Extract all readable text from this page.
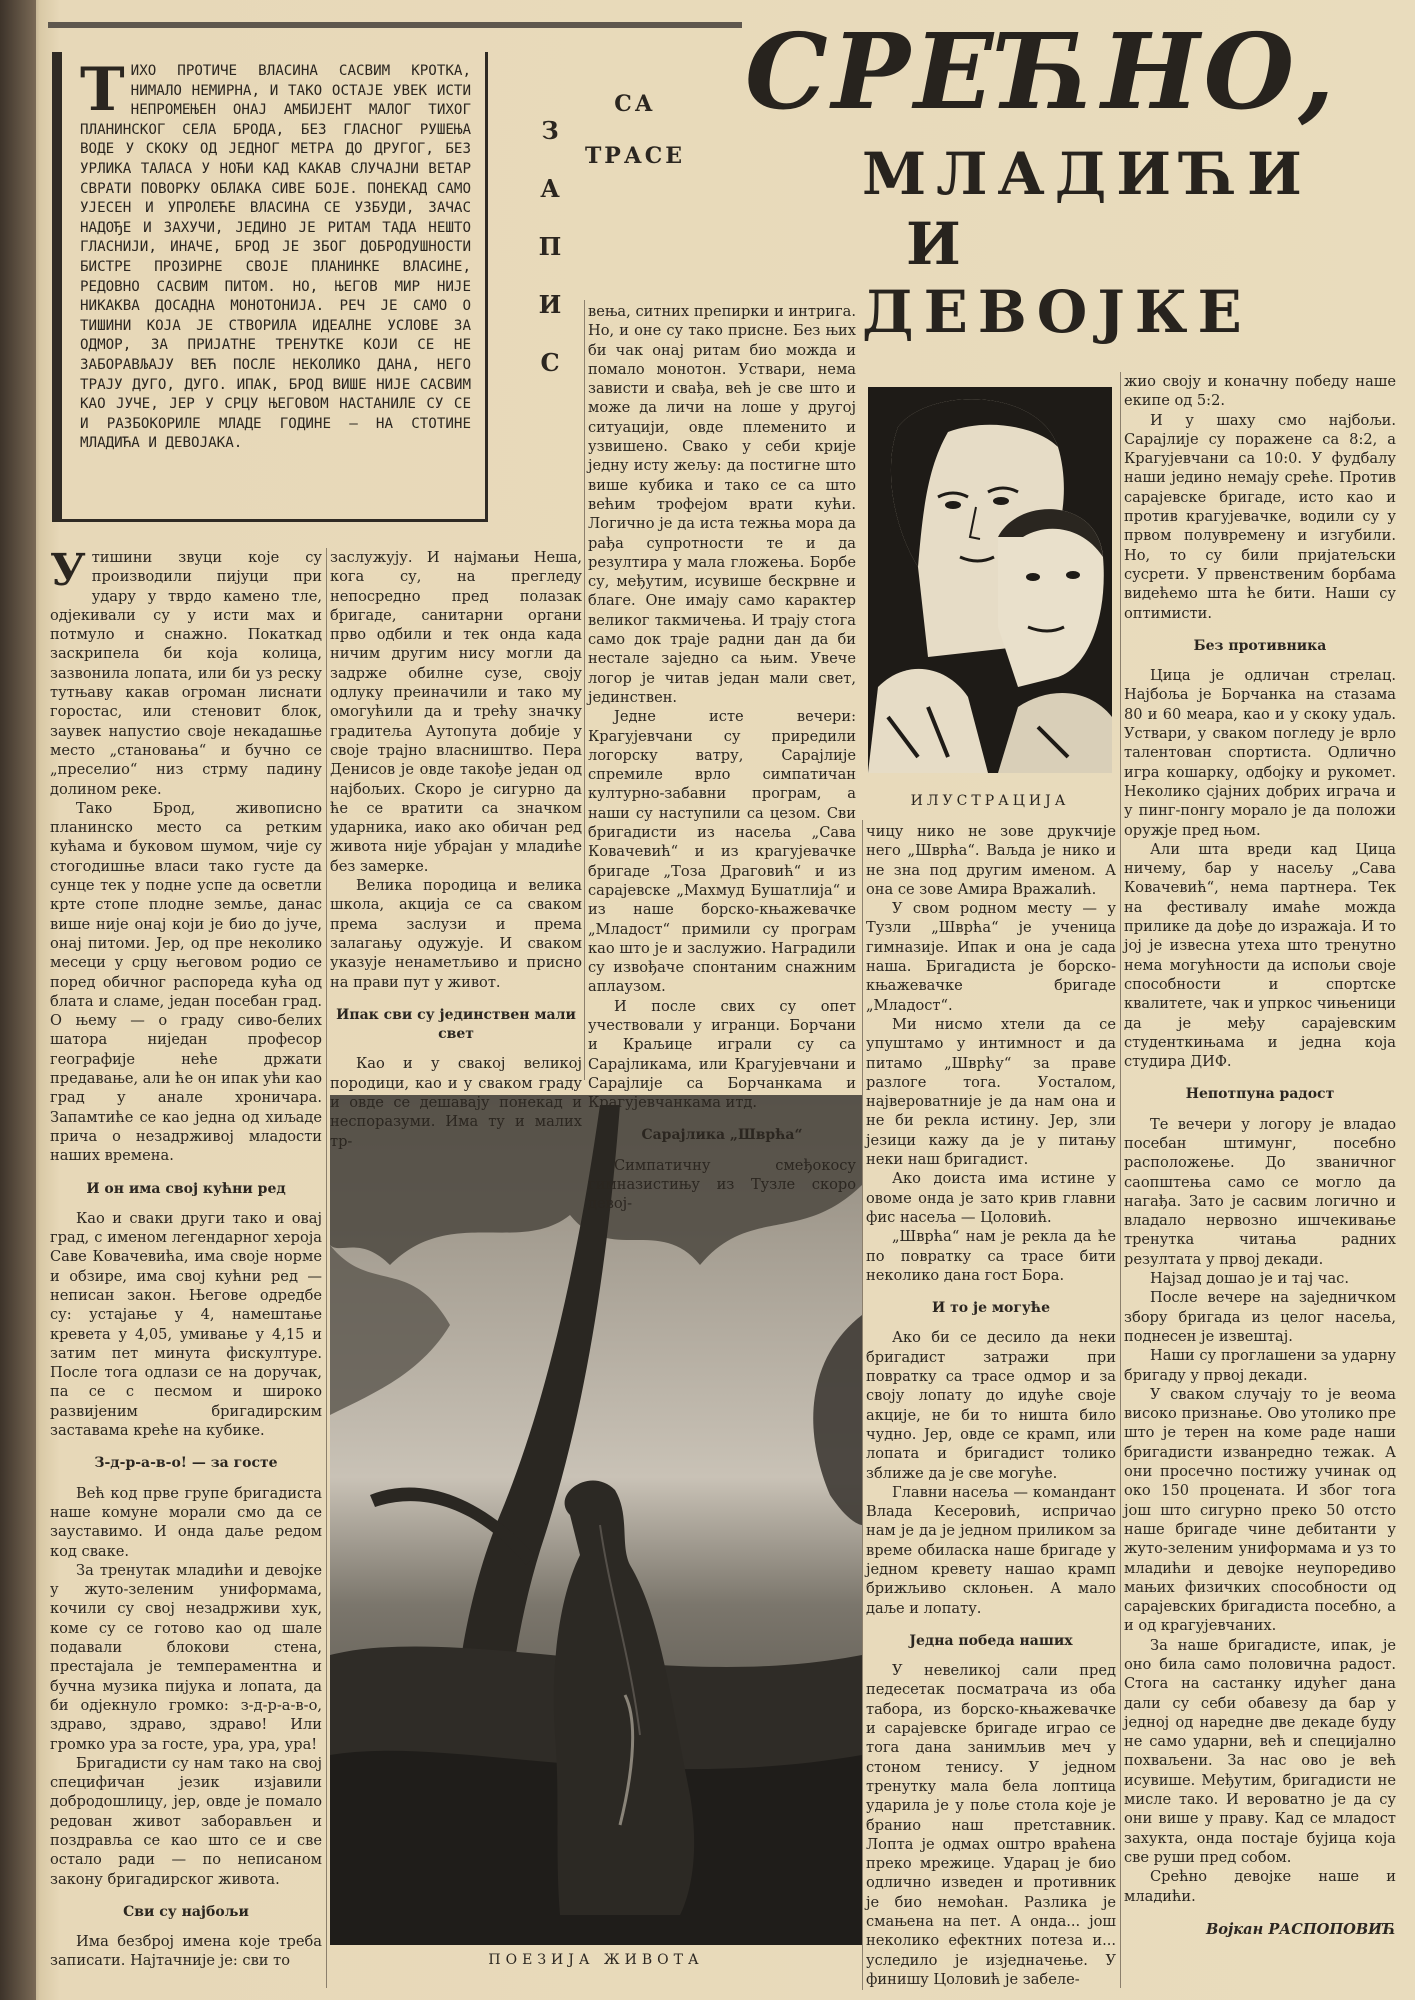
ТИХО ПРОТИЧЕ ВЛАСИНА САСВИМ КРОТКА, НИМАЛО НЕМИРНА, И ТАКО ОСТАЈЕ УВЕК ИСТИ НЕПРОМЕЊЕН ОНАЈ АМБИЈЕНТ МАЛОГ ТИХОГ ПЛАНИНСКОГ СЕЛА БРОДА, БЕЗ ГЛАСНОГ РУШЕЊА ВОДЕ У СКОКУ ОД ЈЕДНОГ МЕТРА ДО ДРУГОГ, БЕЗ УРЛИКА ТАЛАСА У НОЋИ КАД КАКАВ СЛУЧАЈНИ ВЕТАР СВРАТИ ПОВОРКУ ОБЛАКА СИВЕ БОЈЕ. ПОНЕКАД САМО УЈЕСЕН И УПРОЛЕЋЕ ВЛАСИНА СЕ УЗБУДИ, ЗАЧАС НАДОЂЕ И ЗАХУЧИ, ЈЕДИНО ЈЕ РИТАМ ТАДА НЕШТО ГЛАСНИЈИ, ИНАЧЕ, БРОД ЈЕ ЗБОГ ДОБРОДУШНОСТИ БИСТРЕ ПРОЗИРНЕ СВОЈЕ ПЛАНИНКЕ ВЛАСИНЕ, РЕДОВНО САСВИМ ПИТОМ. НО, ЊЕГОВ МИР НИЈЕ НИКАКВА ДОСАДНА МОНОТОНИЈА. РЕЧ ЈЕ САМО О ТИШИНИ КОЈА ЈЕ СТВОРИЛА ИДЕАЛНЕ УСЛОВЕ ЗА ОДМОР, ЗА ПРИЈАТНЕ ТРЕНУТКЕ КОЈИ СЕ НЕ ЗАБОРАВЉАЈУ ВЕЋ ПОСЛЕ НЕКОЛИКО ДАНА, НЕГО ТРАЈУ ДУГО, ДУГО. ИПАК, БРОД ВИШЕ НИЈЕ САСВИМ КАО ЈУЧЕ, ЈЕР У СРЦУ ЊЕГОВОМ НАСТАНИЛЕ СУ СЕ И РАЗБОКОРИЛЕ МЛАДЕ ГОДИНЕ — НА СТОТИНЕ МЛАДИЋА И ДЕВОЈАКА.
З
А
П
И
С
СА
ТРАСЕ
СРЕЋНО,
МЛАДИЋИ
И
ДЕВОЈКЕ
ИЛУСТРАЦИЈА
ПОЕЗИЈА ЖИВОТА

Утишини звуци које су производили пијуци при удару у тврдо камено тле, одјекивали су у исти мах и потмуло и снажно. Покаткад заскрипела би која колица, зазвонила лопата, или би уз реску тутњаву какав огроман лиснати горостас, или стеновит блок, заувек напустио своје некадашње место „становања“ и бучно се „преселио“ низ стрму падину долином реке.

Тако Брод, живописно планинско место са ретким кућама и буковом шумом, чије су стогодишње власи тако густе да сунце тек у подне успе да осветли крте стопе плодне земље, данас више није онај који је био до јуче, онај питоми. Јер, од пре неколико месеци у срцу његовом родио се поред обичног распореда кућа од блата и сламе, један посебан град. О њему — о граду сиво-белих шатора ниједан професор географије неће држати предавање, али ће он ипак ући као град у анале хроничара. Запамтиће се као једна од хиљаде прича о незадрживој младости наших времена.

И он има свој кућни ред

Као и сваки други тако и овај град, с именом легендарног хероја Саве Ковачевића, има своје норме и обзире, има свој кућни ред — неписан закон. Његове одредбе су: устајање у 4, намештање кревета у 4,05, умивање у 4,15 и затим пет минута фискултуре. После тога одлази се на доручак, па се с песмом и широко развијеним бригадирским заставама креће на кубике.

З-д-р-а-в-о! — за госте

Већ код прве групе бригадиста наше комуне морали смо да се зауставимо. И онда даље редом код сваке.

За тренутак младићи и девојке у жуто-зеленим униформама, кочили су свој незадрживи хук, коме су се готово као од шале подавали блокови стена, престајала је темпераментна и бучна музика пијука и лопата, да би одјекнуло громко: з-д-р-а-в-о, здраво, здраво, здраво! Или громко ура за госте, ура, ура, ура!

Бригадисти су нам тако на свој специфичан језик изјавили добродошлицу, јер, овде је помало редован живот заборављен и поздравља се као што се и све остало ради — по неписаном закону бригадирског живота.

Сви су најбољи

Има безброј имена које треба записати. Најтачније је: сви то

заслужују. И најмањи Неша, кога су, на прегледу непосредно пред полазак бригаде, санитарни органи прво одбили и тек онда када ничим другим нису могли да задрже обилне сузе, своју одлуку преиначили и тако му омогућили да и трећу значку градитеља Аутопута добије у своје трајно власништво. Пера Денисов је овде такође један од најбољих. Скоро је сигурно да ће се вратити са значком ударника, иако ако обичан ред живота није убрајан у младиће без замерке.

Велика породица и велика школа, акција се са сваком према заслузи и према залагању одужује. И сваком указује ненаметљиво и присно на прави пут у живот.

Ипак сви су јединствен мали свет

Као и у свакој великој породици, као и у сваком граду и овде се дешавају понекад и неспоразуми. Има ту и малих тр-

вења, ситних препирки и интрига. Но, и оне су тако присне. Без њих би чак онај ритам био можда и помало монотон. Уствари, нема зависти и свађа, већ је све што и може да личи на лоше у другој ситуацији, овде племенито и узвишено. Свако у себи крије једну исту жељу: да постигне што више кубика и тако се са што већим трофејом врати кући. Логично је да иста тежња мора да рађа супротности те и да резултира у мала гложења. Борбе су, међутим, исувише бескрвне и благе. Оне имају само карактер великог такмичења. И трају стога само док траје радни дан да би нестале заједно са њим. Увече логор је читав један мали свет, јединствен.

Једне исте вечери: Крагујевчани су приредили логорску ватру, Сарајлије спремиле врло симпатичан културно-забавни програм, а наши су наступили са цезом. Сви бригадисти из насеља „Сава Ковачевић“ и из крагујевачке бригаде „Тоза Драговић“ и из сарајевске „Махмуд Бушатлија“ и из наше борско-књажевачке „Младост“ примили су програм као што је и заслужио. Наградили су извођаче спонтаним снажним аплаузом.

И после свих су опет учествовали у игранци. Борчани и Краљице играли су са Сарајликама, или Крагујевчани и Сарајлије са Борчанкама и Крагујевчанкама итд.

Сарајлика „Шврћа“

Симпатичну смеђокосу гимназистињу из Тузле скоро девој-

чицу нико не зове друкчије него „Шврћа“. Ваљда је нико и не зна под другим именом. А она се зове Амира Вражалић.

У свом родном месту — у Тузли „Шврћа“ је ученица гимназије. Ипак и она је сада наша. Бригадиста је борско-књажевачке бригаде „Младост“.

Ми нисмо хтели да се упуштамо у интимност и да питамо „Шврћу“ за праве разлоге тога. Уосталом, највероватније је да нам она и не би рекла истину. Јер, зли језици кажу да је у питању неки наш бригадист.

Ако доиста има истине у овоме онда је зато крив главни фис насеља — Цоловић.

„Шврћа“ нам је рекла да ће по повратку са трасе бити неколико дана гост Бора.

И то је могуће

Ако би се десило да неки бригадист затражи при повратку са трасе одмор и за своју лопату до идуће своје акције, не би то ништа било чудно. Јер, овде се крамп, или лопата и бригадист толико зближе да је све могуће.

Главни насеља — командант Влада Кесеровић, испричао нам је да је једном приликом за време обиласка наше бригаде у једном кревету нашао крамп брижљиво склоњен. А мало даље и лопату.

Једна победа наших

У невеликој сали пред педесетак посматрача из оба табора, из борско-књажевачке и сарајевске бригаде играо се тога дана занимљив меч у стоном тенису. У једном тренутку мала бела лоптица ударила је у поље стола које је бранио наш претставник. Лопта је одмах оштро враћена преко мрежице. Ударац је био одлично изведен и противник је био немоћан. Разлика је смањена на пет. А онда... још неколико ефектних потеза и... уследило је изједначење. У финишу Цоловић је забеле-

жио своју и коначну победу наше екипе од 5:2.

И у шаху смо најбољи. Сарајлије су поражене са 8:2, а Крагујевчани са 10:0. У фудбалу наши једино немају среће. Против сарајевске бригаде, исто као и против крагујевачке, водили су у првом полувремену и изгубили. Но, то су били пријатељски сусрети. У првенственим борбама видећемо шта ће бити. Наши су оптимисти.

Без противника

Цица је одличан стрелац. Најбоља је Борчанка на стазама 80 и 60 меара, као и у скоку удаљ. Уствари, у сваком погледу је врло талентован спортиста. Одлично игра кошарку, одбојку и рукомет. Неколико сјајних добрих играча и у пинг-понгу морало је да положи оружје пред њом.

Али шта вреди кад Цица ничему, бар у насељу „Сава Ковачевић“, нема партнера. Тек на фестивалу имаће можда прилике да дође до изражаја. И то јој је извесна утеха што тренутно нема могућности да испољи своје способности и спортске квалитете, чак и упркос чињеници да је међу сарајевским студенткињама и једна која студира ДИФ.

Непотпуна радост

Те вечери у логору је владао посебан штимунг, посебно расположење. До званичног саопштења само се могло да нагађа. Зато је сасвим логично и владало нервозно ишчекивање тренутка читања радних резултата у првој декади.

Најзад дошао је и тај час.

После вечере на заједничком збору бригада из целог насеља, поднесен је извештај.

Наши су проглашени за ударну бригаду у првој декади.

У сваком случају то је веома високо признање. Ово утолико пре што је терен на коме раде наши бригадисти изванредно тежак. А они просечно постижу учинак од око 150 процената. И због тога још што сигурно преко 50 отсто наше бригаде чине дебитанти у жуто-зеленим униформама и уз то младићи и девојке неупоредиво мањих физичких способности од сарајевских бригадиста посебно, а и од крагујевчаних.

За наше бригадисте, ипак, је оно била само половична радост. Стога на састанку идућег дана дали су себи обавезу да бар у једној од наредне две декаде буду не само ударни, већ и специјално похваљени. За нас ово је већ исувише. Међутим, бригадисти не мисле тако. И вероватно је да су они више у праву. Кад се младост захукта, онда постаје бујица која све руши пред собом.

Срећно девојке наше и младићи.

Војкан РАСПОПОВИЋ
